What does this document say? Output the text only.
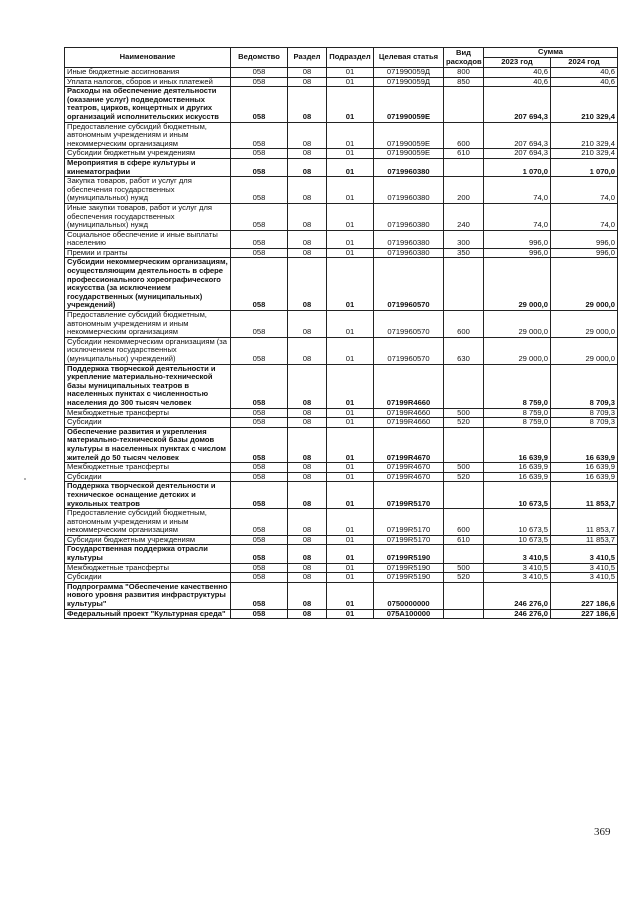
Наименование	Ведомство	Раздел	Подраздел	Целевая статья	Вид расходов	Сумма	
						2023 год	2024 год
Иные бюджетные ассигнования	058	08	01	071990059Д	800	40,6	40,6
Уплата налогов, сборов и иных платежей	058	08	01	071990059Д	850	40,6	40,6
Расходы на обеспечение деятельности (оказание услуг) подведомственных театров, цирков, концертных и других организаций исполнительских искусств	058	08	01	071990059Е		207 694,3	210 329,4
Предоставление субсидий бюджетным, автономным учреждениям и иным некоммерческим организациям	058	08	01	071990059Е	600	207 694,3	210 329,4
Субсидии бюджетным учреждениям	058	08	01	071990059Е	610	207 694,3	210 329,4
Мероприятия в сфере культуры и кинематографии	058	08	01	0719960380		1 070,0	1 070,0
Закупка товаров, работ и услуг для обеспечения государственных (муниципальных) нужд	058	08	01	0719960380	200	74,0	74,0
Иные закупки товаров, работ и услуг для обеспечения государственных (муниципальных) нужд	058	08	01	0719960380	240	74,0	74,0
Социальное обеспечение и иные выплаты населению	058	08	01	0719960380	300	996,0	996,0
Премии и гранты	058	08	01	0719960380	350	996,0	996,0
Субсидии некоммерческим организациям, осуществляющим деятельность в сфере профессионального хореографического искусства (за исключением государственных (муниципальных) учреждений)	058	08	01	0719960570		29 000,0	29 000,0
Предоставление субсидий бюджетным, автономным учреждениям и иным некоммерческим организациям	058	08	01	0719960570	600	29 000,0	29 000,0
Субсидии некоммерческим организациям (за исключением государственных (муниципальных) учреждений)	058	08	01	0719960570	630	29 000,0	29 000,0
Поддержка творческой деятельности и укрепление материально-технической базы муниципальных театров в населенных пунктах с численностью населения до 300 тысяч человек	058	08	01	07199R4660		8 759,0	8 709,3
Межбюджетные трансферты	058	08	01	07199R4660	500	8 759,0	8 709,3
Субсидии	058	08	01	07199R4660	520	8 759,0	8 709,3
Обеспечение развития и укрепления материально-технической базы домов культуры в населенных пунктах с числом жителей до 50 тысяч человек	058	08	01	07199R4670		16 639,9	16 639,9
Межбюджетные трансферты	058	08	01	07199R4670	500	16 639,9	16 639,9
Субсидии	058	08	01	07199R4670	520	16 639,9	16 639,9
Поддержка творческой деятельности и техническое оснащение детских и кукольных театров	058	08	01	07199R5170		10 673,5	11 853,7
Предоставление субсидий бюджетным, автономным учреждениям и иным некоммерческим организациям	058	08	01	07199R5170	600	10 673,5	11 853,7
Субсидии бюджетным учреждениям	058	08	01	07199R5170	610	10 673,5	11 853,7
Государственная поддержка отрасли культуры	058	08	01	07199R5190		3 410,5	3 410,5
Межбюджетные трансферты	058	08	01	07199R5190	500	3 410,5	3 410,5
Субсидии	058	08	01	07199R5190	520	3 410,5	3 410,5
Подпрограмма "Обеспечение качественно нового уровня развития инфраструктуры культуры"	058	08	01	0750000000		246 276,0	227 186,6
Федеральный проект "Культурная среда"	058	08	01	075A100000		246 276,0	227 186,6
369
